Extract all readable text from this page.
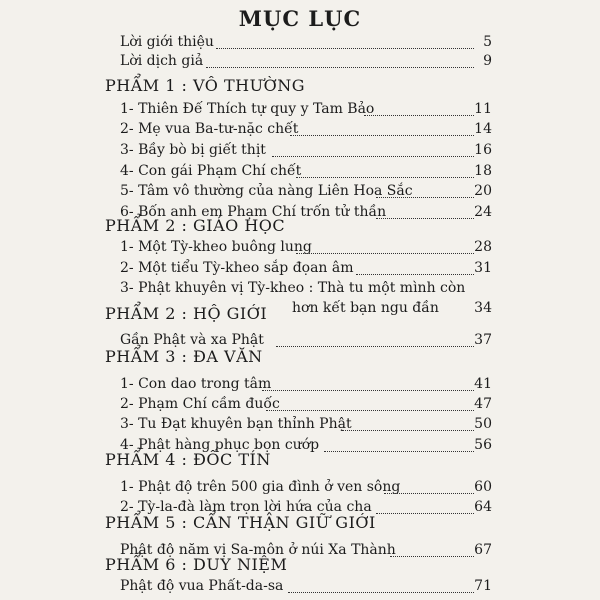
MỤC LỤC
Lời giới thiệu	5
Lời dịch giả	9
PHẨM 1 : VÔ THƯỜNG
1- Thiên Đế Thích tự quy y Tam Bảo	11
2- Mẹ vua Ba-tư-nặc chết	14
3- Bầy bò bị giết thịt	16
4- Con gái Phạm Chí chết	18
5- Tâm vô thường của nàng Liên Hoa Sắc	20
6- Bốn anh em Phạm Chí trốn tử thần	24
PHẨM 2 : GIÁO HỌC
1- Một Tỳ-kheo buông lung	28
2- Một tiểu Tỳ-kheo sắp đọan âm	31
3- Phật khuyên vị Tỳ-kheo : Thà tu một mình còn
hơn kết bạn ngu đần	34
PHẨM 2 : HỘ GIỚI
Gần Phật và xa Phật	37
PHẨM 3 : ĐA VĂN
1- Con dao trong tâm	41
2- Phạm Chí cầm đuốc	47
3- Tu Đạt khuyên bạn thỉnh Phật	50
4- Phật hàng phục bọn cướp	56
PHẨM 4 : ĐỐC TÍN
1- Phật độ trên 500 gia đình ở ven sông	60
2- Tỳ-la-đà làm trọn lời hứa của cha	64
PHẨM 5 : CẨN THẬN GIỮ GIỚI
Phật độ năm vị Sa-môn ở núi Xa Thành	67
PHẨM 6 : DUY NIỆM
Phật độ vua Phất-da-sa	71
